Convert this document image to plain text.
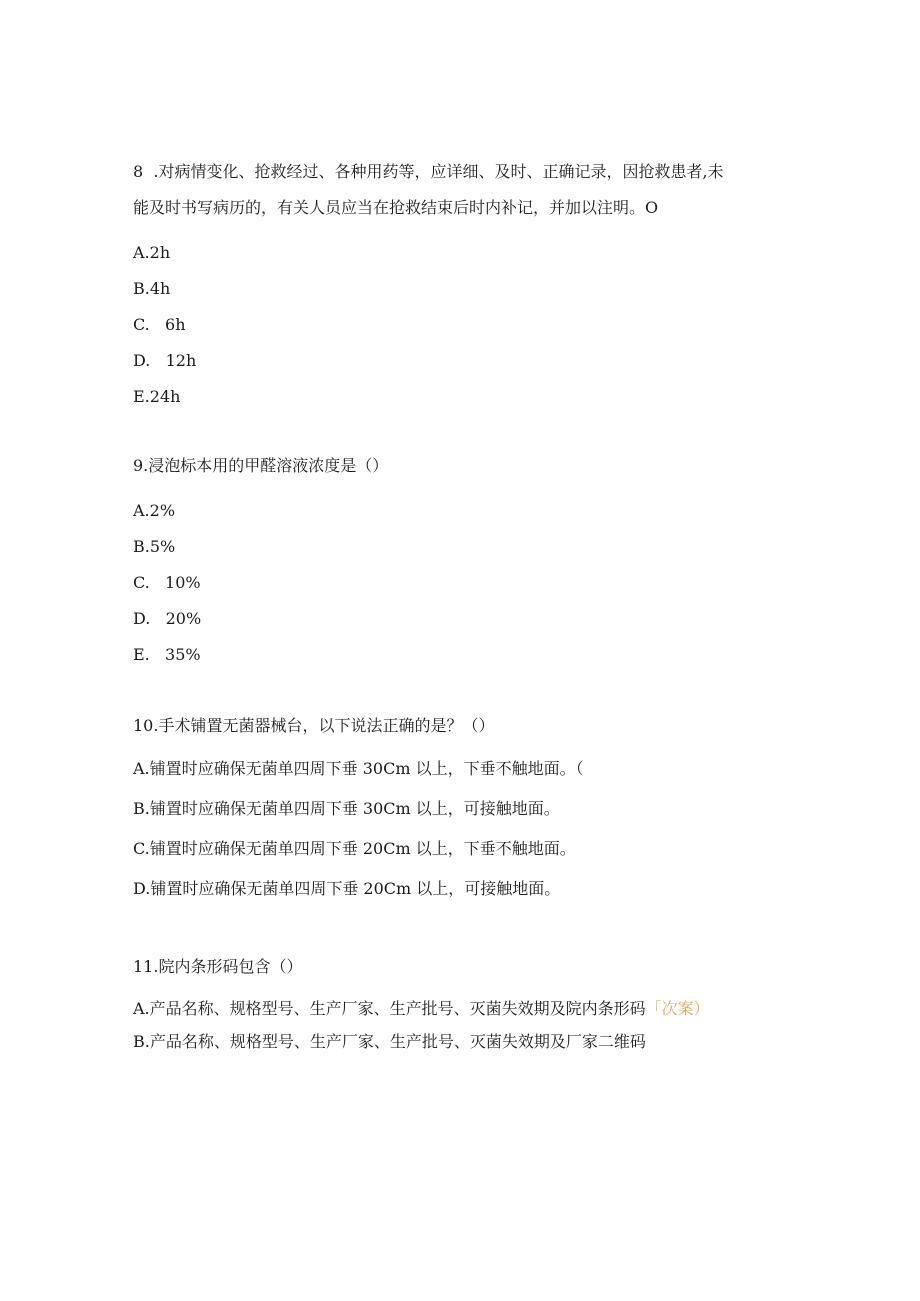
8  .对病情变化、抢救经过、各种用药等，应详细、及时、正确记录，因抢救患者,未
能及时书写病历的，有关人员应当在抢救结束后时内补记，并加以注明。O
A.2h
B.4h
C.   6h
D.   12h
E.24h
9.浸泡标本用的甲醛溶液浓度是（）
A.2%
B.5%
C.   10%
D.   20%
E.   35%
10.手术铺置无菌器械台，以下说法正确的是？（）
A.铺置时应确保无菌单四周下垂 30Cm 以上，下垂不触地面。（
B.铺置时应确保无菌单四周下垂 30Cm 以上，可接触地面。
C.铺置时应确保无菌单四周下垂 20Cm 以上，下垂不触地面。
D.铺置时应确保无菌单四周下垂 20Cm 以上，可接触地面。
11.院内条形码包含（）
A.产品名称、规格型号、生产厂家、生产批号、灭菌失效期及院内条形码「次案）
B.产品名称、规格型号、生产厂家、生产批号、灭菌失效期及厂家二维码
